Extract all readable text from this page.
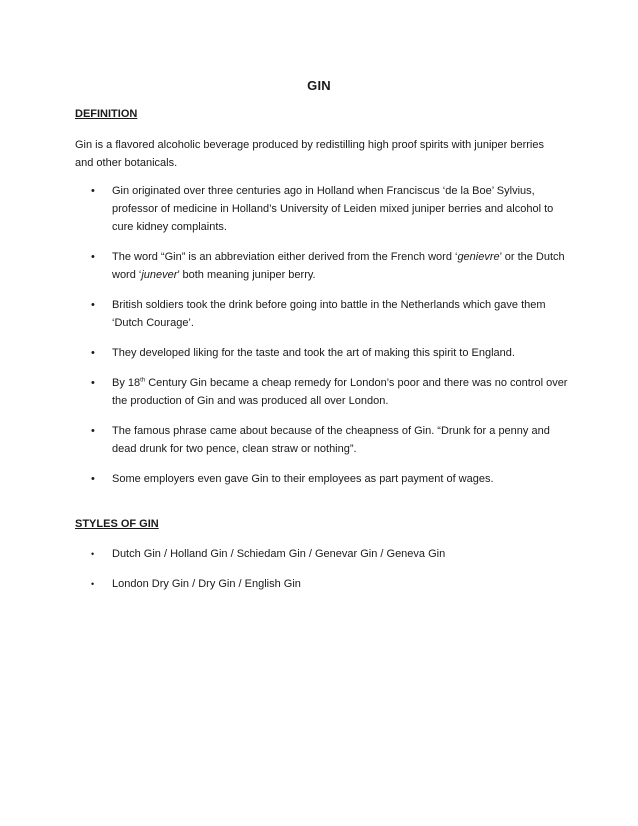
GIN
DEFINITION
Gin is a flavored alcoholic beverage produced by redistilling high proof spirits with juniper berries and other botanicals.
• Gin originated over three centuries ago in Holland when Franciscus ‘de la Boe’ Sylvius, professor of medicine in Holland’s University of Leiden mixed juniper berries and alcohol to cure kidney complaints.
• The word “Gin” is an abbreviation either derived from the French word ‘genievre’ or the Dutch word ‘junever’ both meaning juniper berry.
• British soldiers took the drink before going into battle in the Netherlands which gave them ‘Dutch Courage’.
• They developed liking for the taste and took the art of making this spirit to England.
• By 18th Century Gin became a cheap remedy for London’s poor and there was no control over the production of Gin and was produced all over London.
• The famous phrase came about because of the cheapness of Gin. “Drunk for a penny and dead drunk for two pence, clean straw or nothing”.
• Some employers even gave Gin to their employees as part payment of wages.
STYLES OF GIN
• Dutch Gin / Holland Gin / Schiedam Gin / Genevar Gin / Geneva Gin
• London Dry Gin / Dry Gin / English Gin
